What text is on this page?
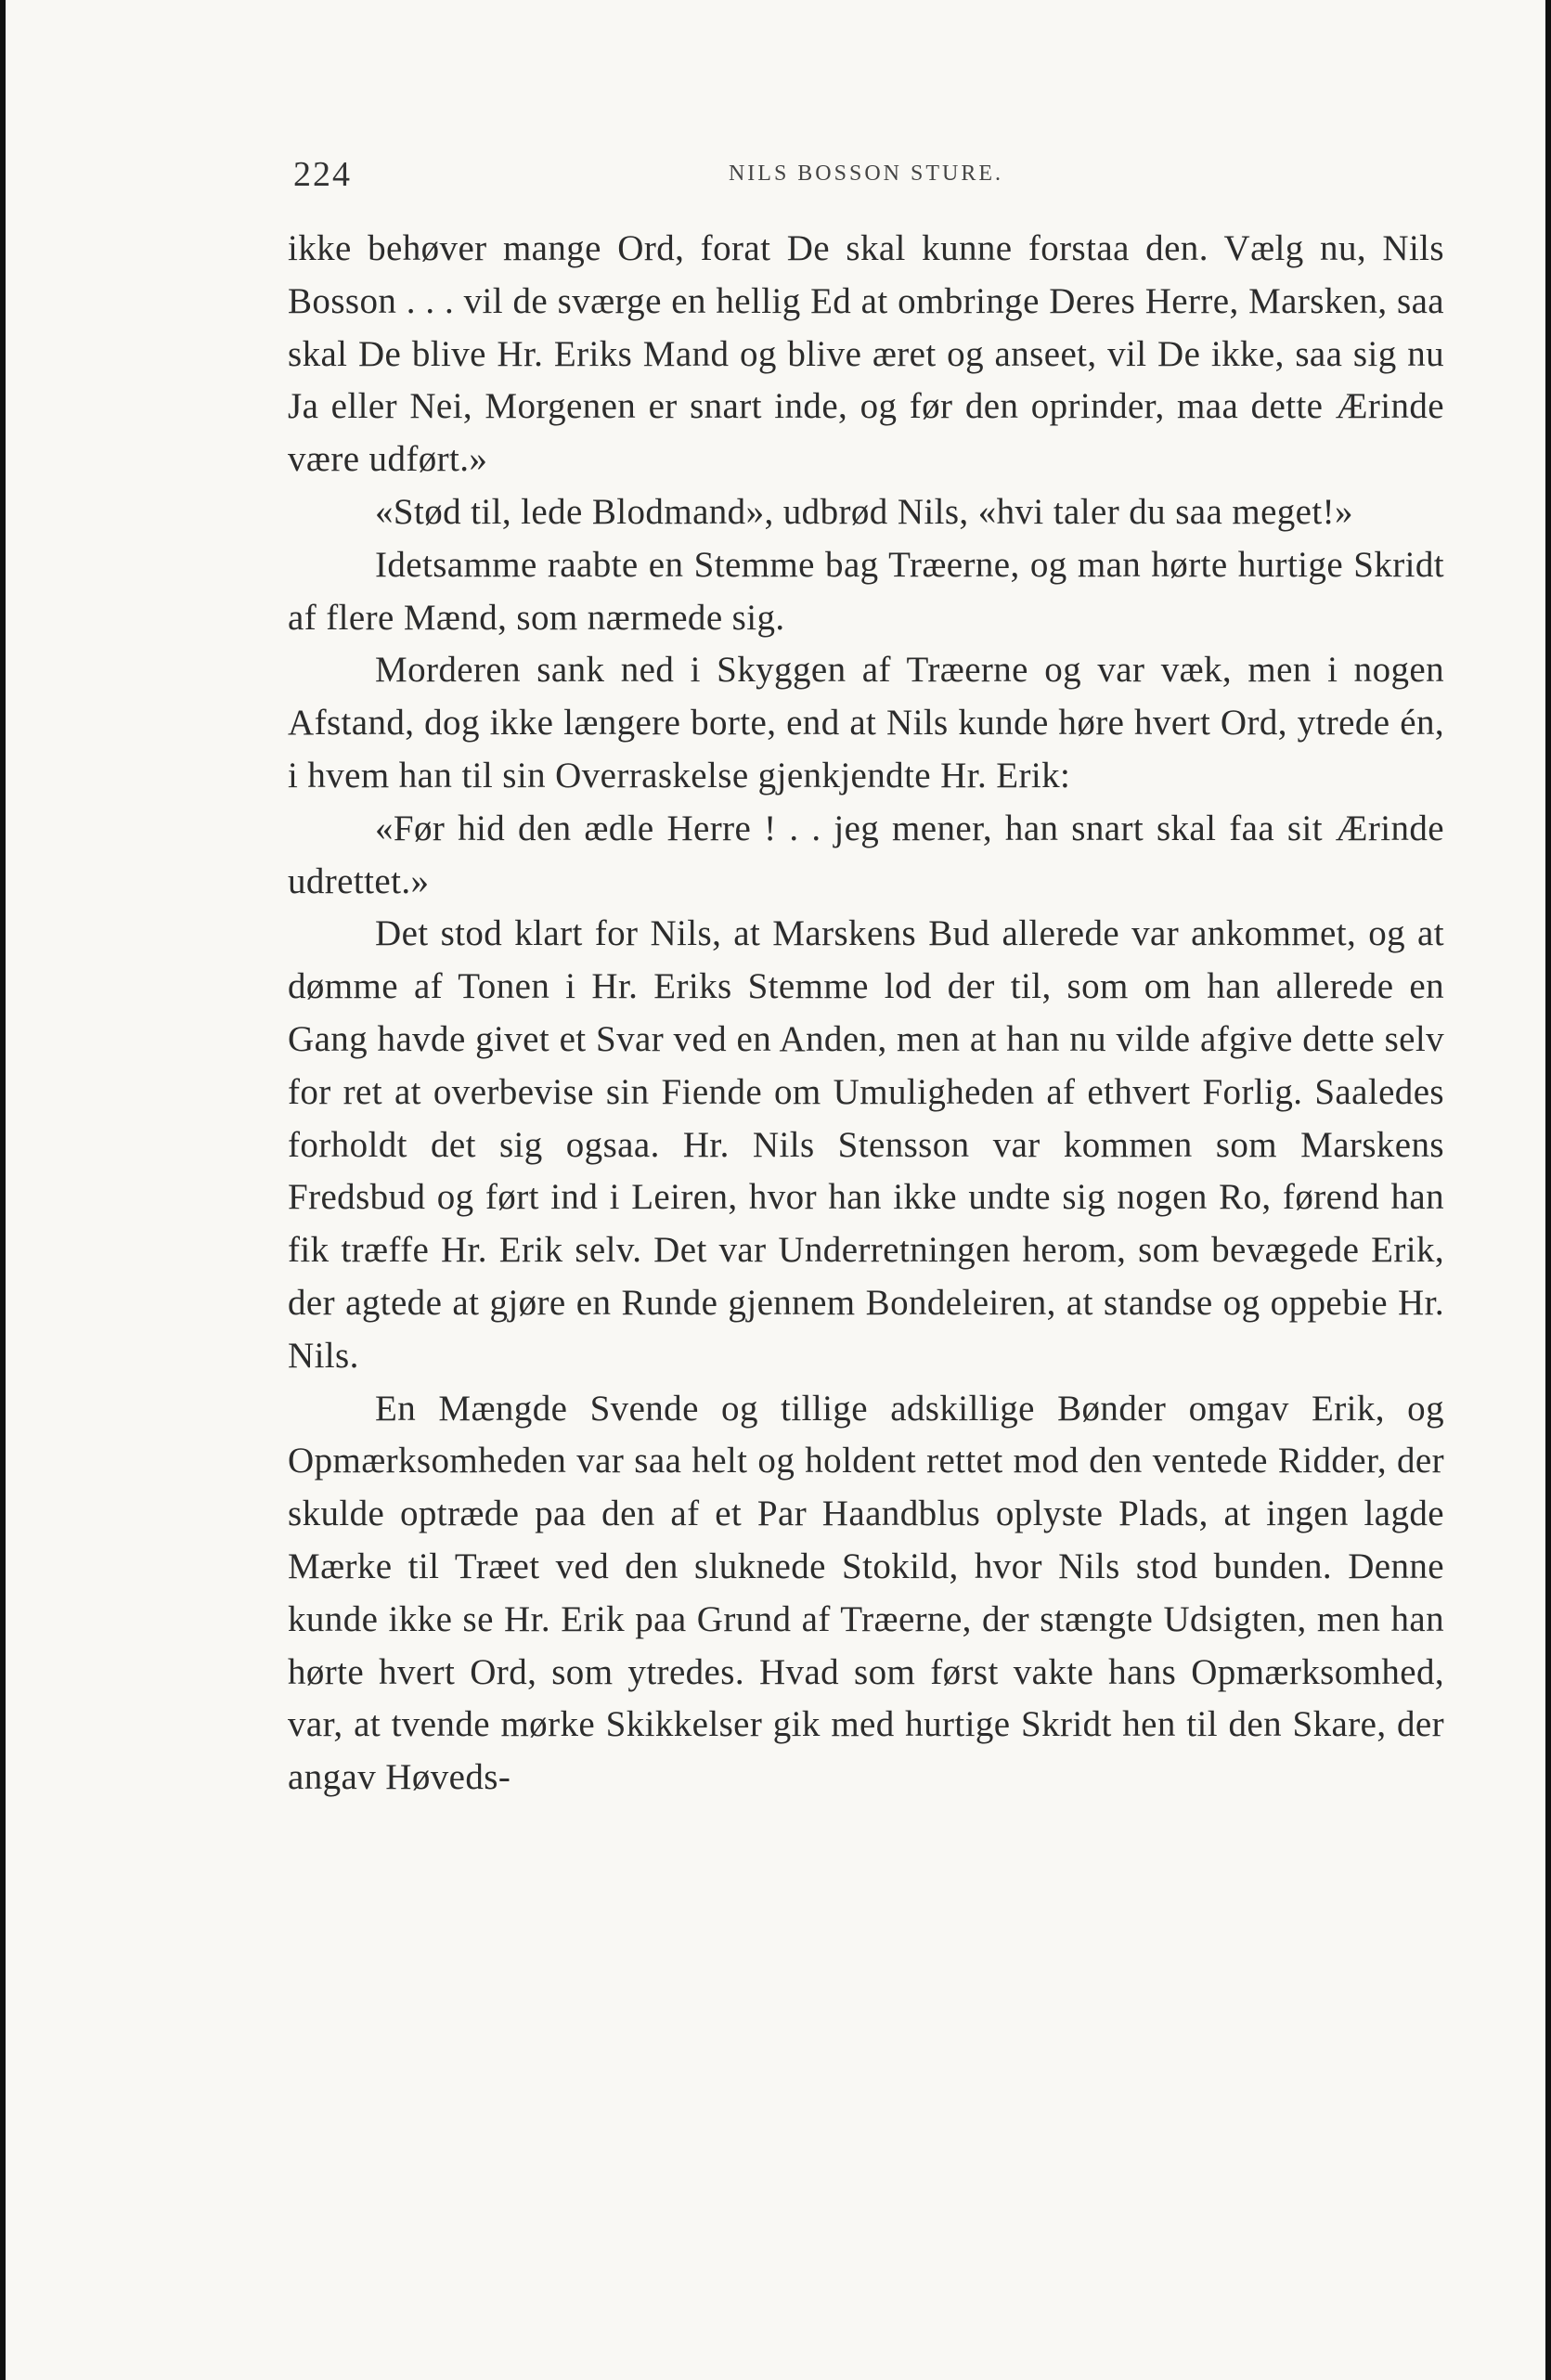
224	NILS BOSSON STURE.

ikke behøver mange Ord, forat De skal kunne forstaa den. Vælg nu, Nils Bosson . . . vil de sværge en hellig Ed at ombringe Deres Herre, Marsken, saa skal De blive Hr. Eriks Mand og blive æret og anseet, vil De ikke, saa sig nu Ja eller Nei, Morgenen er snart inde, og før den oprinder, maa dette Ærinde være udført.»

«Stød til, lede Blodmand», udbrød Nils, «hvi taler du saa meget!»

Idetsamme raabte en Stemme bag Træerne, og man hørte hurtige Skridt af flere Mænd, som nærmede sig.

Morderen sank ned i Skyggen af Træerne og var væk, men i nogen Afstand, dog ikke længere borte, end at Nils kunde høre hvert Ord, ytrede én, i hvem han til sin Overraskelse gjenkjendte Hr. Erik:

«Før hid den ædle Herre ! . . jeg mener, han snart skal faa sit Ærinde udrettet.»

Det stod klart for Nils, at Marskens Bud allerede var ankommet, og at dømme af Tonen i Hr. Eriks Stemme lod der til, som om han allerede en Gang havde givet et Svar ved en Anden, men at han nu vilde afgive dette selv for ret at overbevise sin Fiende om Umuligheden af ethvert Forlig. Saaledes forholdt det sig ogsaa. Hr. Nils Stensson var kommen som Marskens Fredsbud og ført ind i Leiren, hvor han ikke undte sig nogen Ro, førend han fik træffe Hr. Erik selv. Det var Underretningen herom, som bevægede Erik, der agtede at gjøre en Runde gjennem Bondeleiren, at standse og oppebie Hr. Nils.

En Mængde Svende og tillige adskillige Bønder omgav Erik, og Opmærksomheden var saa helt og holdent rettet mod den ventede Ridder, der skulde optræde paa den af et Par Haandblus oplyste Plads, at ingen lagde Mærke til Træet ved den sluknede Stokild, hvor Nils stod bunden. Denne kunde ikke se Hr. Erik paa Grund af Træerne, der stængte Udsigten, men han hørte hvert Ord, som ytredes. Hvad som først vakte hans Opmærksomhed, var, at tvende mørke Skikkelser gik med hurtige Skridt hen til den Skare, der angav Høveds-
